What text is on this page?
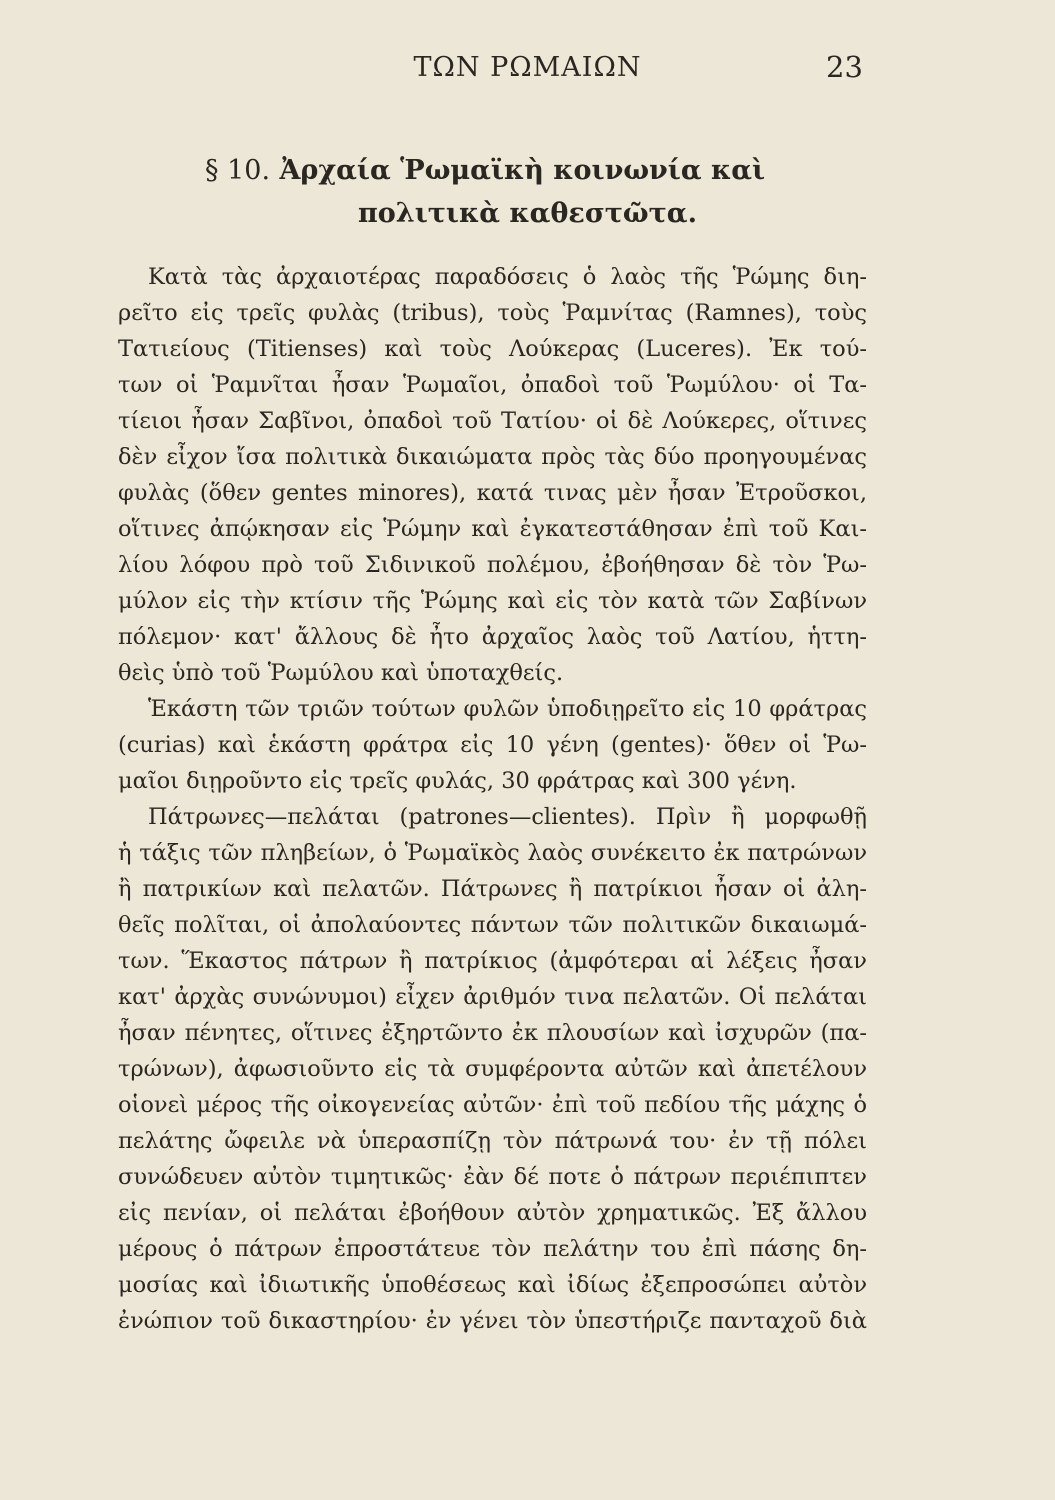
ΤΩΝ ΡΩΜΑΙΩΝ	23
§ 10. Ἀρχαία Ῥωμαϊκὴ κοινωνία καὶ
πολιτικὰ καθεστῶτα.
Κατὰ τὰς ἀρχαιοτέρας παραδόσεις ὁ λαὸς τῆς Ῥώμης διη-
ρεῖτο εἰς τρεῖς φυλὰς (tribus), τοὺς Ῥαμνίτας (Ramnes), τοὺς
Τατιείους (Titienses) καὶ τοὺς Λούκερας (Luceres). Ἐκ τού-
των οἱ Ῥαμνῖται ἦσαν Ῥωμαῖοι, ὀπαδοὶ τοῦ Ῥωμύλου· οἱ Τα-
τίειοι ἦσαν Σαβῖνοι, ὀπαδοὶ τοῦ Τατίου· οἱ δὲ Λούκερες, οἵτινες
δὲν εἶχον ἴσα πολιτικὰ δικαιώματα πρὸς τὰς δύο προηγουμένας
φυλὰς (ὅθεν gentes minores), κατά τινας μὲν ἦσαν Ἐτροῦσκοι,
οἵτινες ἀπῴκησαν εἰς Ῥώμην καὶ ἐγκατεστάθησαν ἐπὶ τοῦ Και-
λίου λόφου πρὸ τοῦ Σιδινικοῦ πολέμου, ἐβοήθησαν δὲ τὸν Ῥω-
μύλον εἰς τὴν κτίσιν τῆς Ῥώμης καὶ εἰς τὸν κατὰ τῶν Σαβίνων
πόλεμον· κατ' ἄλλους δὲ ἦτο ἀρχαῖος λαὸς τοῦ Λατίου, ἡττη-
θεὶς ὑπὸ τοῦ Ῥωμύλου καὶ ὑποταχθείς.
Ἑκάστη τῶν τριῶν τούτων φυλῶν ὑποδιῃρεῖτο εἰς 10 φράτρας
(curias) καὶ ἑκάστη φράτρα εἰς 10 γένη (gentes)· ὅθεν οἱ Ῥω-
μαῖοι διῃροῦντο εἰς τρεῖς φυλάς, 30 φράτρας καὶ 300 γένη.
Πάτρωνες—πελάται (patrones—clientes). Πρὶν ἢ μορφωθῇ
ἡ τάξις τῶν πληβείων, ὁ Ῥωμαϊκὸς λαὸς συνέκειτο ἐκ πατρώνων
ἢ πατρικίων καὶ πελατῶν. Πάτρωνες ἢ πατρίκιοι ἦσαν οἱ ἀλη-
θεῖς πολῖται, οἱ ἀπολαύοντες πάντων τῶν πολιτικῶν δικαιωμά-
των. Ἕκαστος πάτρων ἢ πατρίκιος (ἀμφότεραι αἱ λέξεις ἦσαν
κατ' ἀρχὰς συνώνυμοι) εἶχεν ἀριθμόν τινα πελατῶν. Οἱ πελάται
ἦσαν πένητες, οἵτινες ἐξηρτῶντο ἐκ πλουσίων καὶ ἰσχυρῶν (πα-
τρώνων), ἀφωσιοῦντο εἰς τὰ συμφέροντα αὐτῶν καὶ ἀπετέλουν
οἱονεὶ μέρος τῆς οἰκογενείας αὐτῶν· ἐπὶ τοῦ πεδίου τῆς μάχης ὁ
πελάτης ὤφειλε νὰ ὑπερασπίζῃ τὸν πάτρωνά του· ἐν τῇ πόλει
συνώδευεν αὐτὸν τιμητικῶς· ἐὰν δέ ποτε ὁ πάτρων περιέπιπτεν
εἰς πενίαν, οἱ πελάται ἐβοήθουν αὐτὸν χρηματικῶς. Ἐξ ἄλλου
μέρους ὁ πάτρων ἐπροστάτευε τὸν πελάτην του ἐπὶ πάσης δη-
μοσίας καὶ ἰδιωτικῆς ὑποθέσεως καὶ ἰδίως ἐξεπροσώπει αὐτὸν
ἐνώπιον τοῦ δικαστηρίου· ἐν γένει τὸν ὑπεστήριζε πανταχοῦ διὰ
